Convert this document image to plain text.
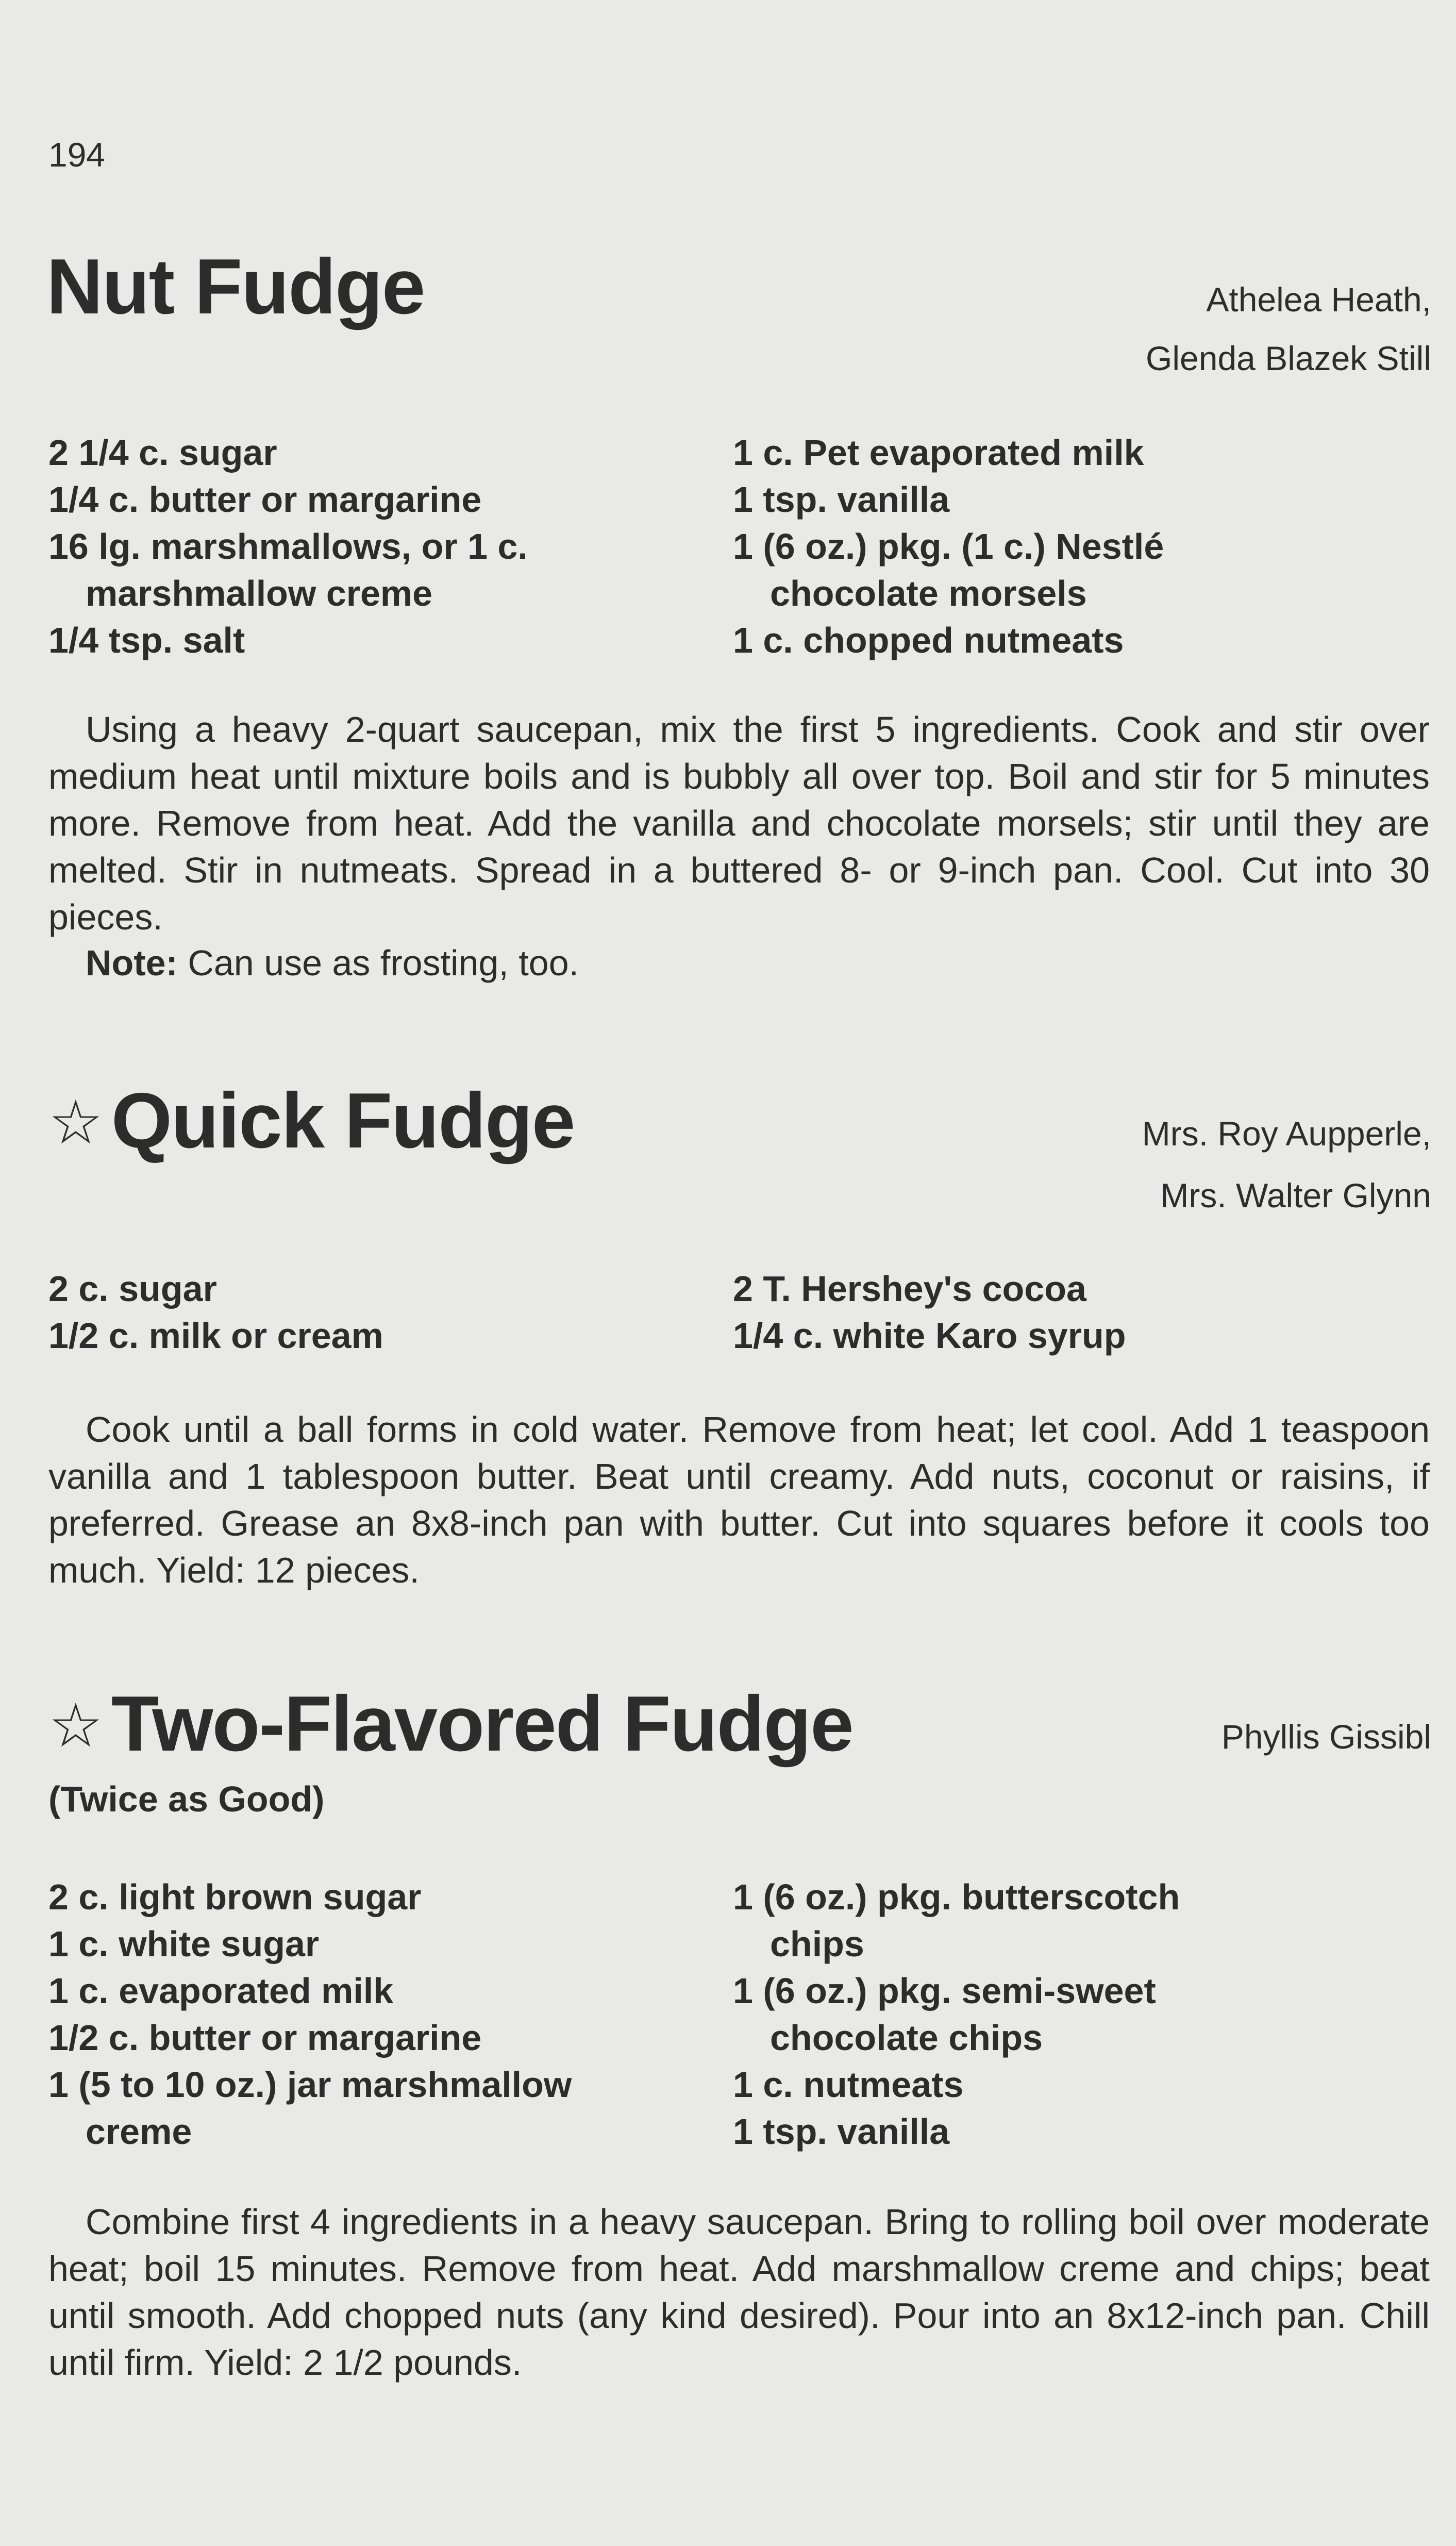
194
Nut Fudge	Athelea Heath,
Glenda Blazek Still
2 1/4 c. sugar
1/4 c. butter or margarine
16 lg. marshmallows, or 1 c. marshmallow creme
1/4 tsp. salt
1 c. Pet evaporated milk
1 tsp. vanilla
1 (6 oz.) pkg. (1 c.) Nestlé chocolate morsels
1 c. chopped nutmeats

Using a heavy 2-quart saucepan, mix the first 5 ingredients. Cook and stir over medium heat until mixture boils and is bubbly all over top. Boil and stir for 5 minutes more. Remove from heat. Add the vanilla and chocolate morsels; stir until they are melted. Stir in nutmeats. Spread in a buttered 8- or 9-inch pan. Cool. Cut into 30 pieces.

Note: Can use as frosting, too.
☆ Quick Fudge	Mrs. Roy Aupperle,
Mrs. Walter Glynn
2 c. sugar
1/2 c. milk or cream
2 T. Hershey's cocoa
1/4 c. white Karo syrup

Cook until a ball forms in cold water. Remove from heat; let cool. Add 1 teaspoon vanilla and 1 tablespoon butter. Beat until creamy. Add nuts, coconut or raisins, if preferred. Grease an 8x8-inch pan with butter. Cut into squares before it cools too much. Yield: 12 pieces.

☆ Two-Flavored Fudge	Phyllis Gissibl
(Twice as Good)
2 c. light brown sugar
1 c. white sugar
1 c. evaporated milk
1/2 c. butter or margarine
1 (5 to 10 oz.) jar marshmallow creme
1 (6 oz.) pkg. butterscotch chips
1 (6 oz.) pkg. semi-sweet chocolate chips
1 c. nutmeats
1 tsp. vanilla

Combine first 4 ingredients in a heavy saucepan. Bring to rolling boil over moderate heat; boil 15 minutes. Remove from heat. Add marshmallow creme and chips; beat until smooth. Add chopped nuts (any kind desired). Pour into an 8x12-inch pan. Chill until firm. Yield: 2 1/2 pounds.
